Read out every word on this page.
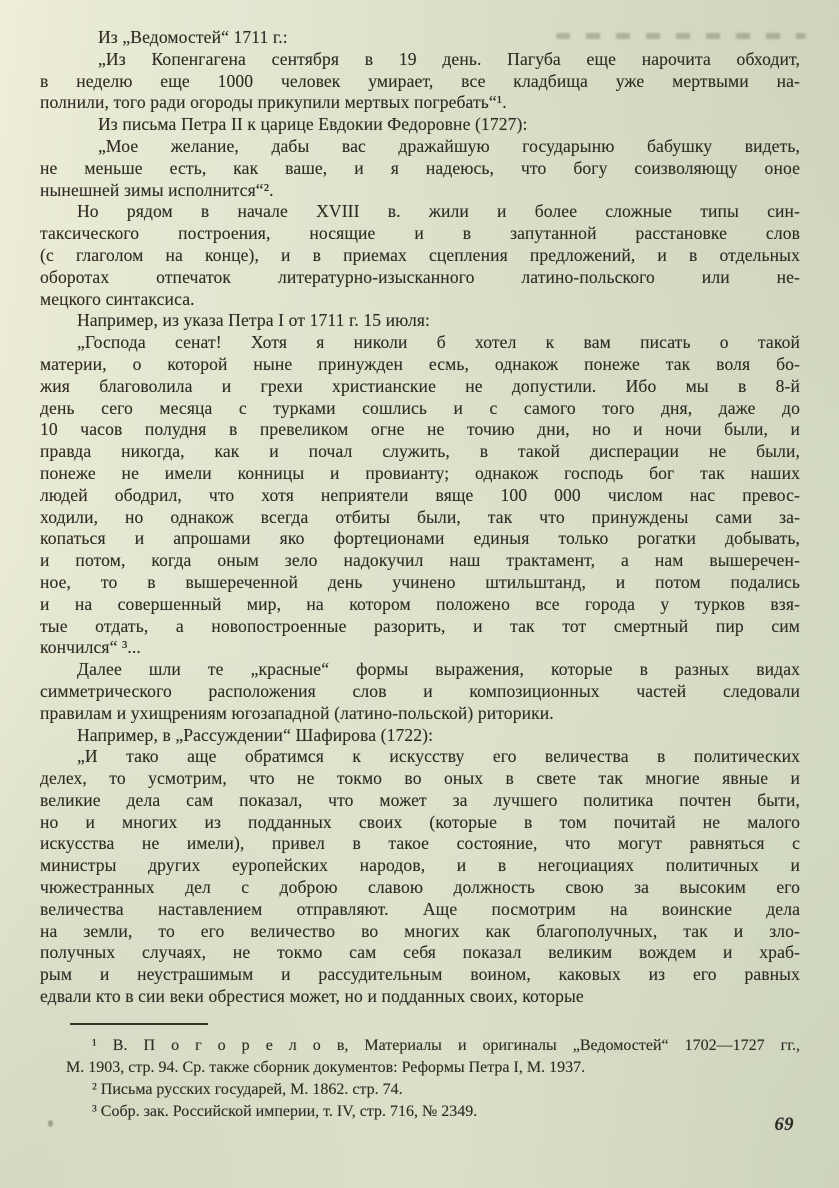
Из „Ведомостей“ 1711 г.:
„Из Копенгагена сентября в 19 день. Пагуба еще нарочита обходит,
в неделю еще 1000 человек умирает, все кладбища уже мертвыми на-
полнили, того ради огороды прикупили мертвых погребать“¹.
Из письма Петра II к царице Евдокии Федоровне (1727):
„Мое желание, дабы вас дражайшую государыню бабушку видеть,
не меньше есть, как ваше, и я надеюсь, что богу соизволяющу оное
нынешней зимы исполнится“².
Но рядом в начале XVIII в. жили и более сложные типы син-
таксического построения, носящие и в запутанной расстановке слов
(с глаголом на конце), и в приемах сцепления предложений, и в отдельных
оборотах отпечаток литературно-изысканного латино-польского или не-
мецкого синтаксиса.
Например, из указа Петра I от 1711 г. 15 июля:
„Господа сенат! Хотя я николи б хотел к вам писать о такой
материи, о которой ныне принужден есмь, однакож понеже так воля бо-
жия благоволила и грехи христианские не допустили. Ибо мы в 8-й
день сего месяца с турками сошлись и с самого того дня, даже до
10 часов полудня в превеликом огне не точию дни, но и ночи были, и
правда никогда, как и почал служить, в такой дисперации не были,
понеже не имели конницы и провианту; однакож господь бог так наших
людей ободрил, что хотя неприятели вяще 100 000 числом нас превос-
ходили, но однакож всегда отбиты были, так что принуждены сами за-
копаться и апрошами яко фортеционами единыя только рогатки добывать,
и потом, когда оным зело надокучил наш трактамент, а нам вышеречен-
ное, то в вышереченной день учинено штильштанд, и потом подались
и на совершенный мир, на котором положено все города у турков взя-
тые отдать, а новопостроенные разорить, и так тот смертный пир сим
кончился“ ³...
Далее шли те „красные“ формы выражения, которые в разных видах
симметрического расположения слов и композиционных частей следовали
правилам и ухищрениям югозападной (латино-польской) риторики.
Например, в „Рассуждении“ Шафирова (1722):
„И тако аще обратимся к искусству его величества в политических
делех, то усмотрим, что не токмо во оных в свете так многие явные и
великие дела сам показал, что может за лучшего политика почтен быти,
но и многих из подданных своих (которые в том почитай не малого
искусства не имели), привел в такое состояние, что могут равняться с
министры других еуропейских народов, и в негоциациях политичных и
чюжестранных дел с доброю славою должность свою за высоким его
величества наставлением отправляют. Аще посмотрим на воинские дела
на земли, то его величество во многих как благополучных, так и зло-
получных случаях, не токмо сам себя показал великим вождем и храб-
рым и неустрашимым и рассудительным воином, каковых из его равных
едвали кто в сии веки обрестися может, но и подданных своих, которые
¹ В. П о г о р е л о в, Материалы и оригиналы „Ведомостей“ 1702—1727 гг.,
М. 1903, стр. 94. Ср. также сборник документов: Реформы Петра I, М. 1937.
² Письма русских государей, М. 1862. стр. 74.
³ Собр. зак. Российской империи, т. IV, стр. 716, № 2349.
69
